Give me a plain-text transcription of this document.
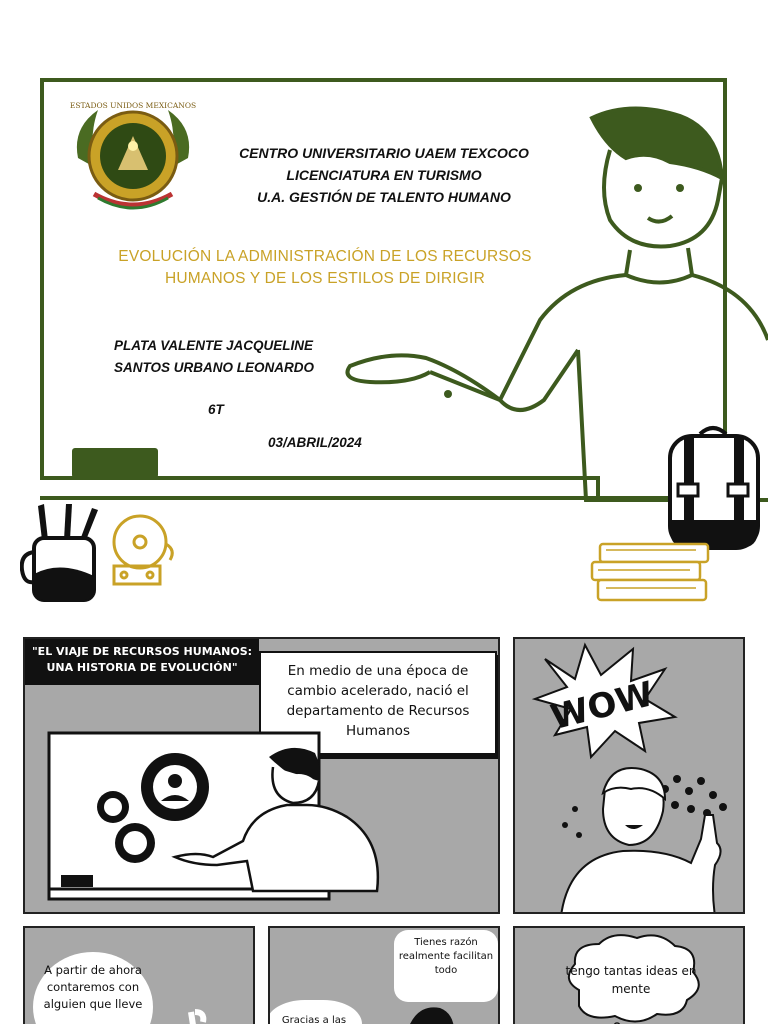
ESTADOS UNIDOS MEXICANOS
CENTRO UNIVERSITARIO UAEM TEXCOCO
LICENCIATURA EN TURISMO
U.A. GESTIÓN DE TALENTO HUMANO
EVOLUCIÓN LA ADMINISTRACIÓN DE LOS RECURSOS
HUMANOS Y DE LOS ESTILOS DE DIRIGIR
PLATA VALENTE JACQUELINE
SANTOS URBANO LEONARDO
6T
03/ABRIL/2024
"EL VIAJE DE RECURSOS HUMANOS: UNA HISTORIA DE EVOLUCIÓN"	En medio de una época de cambio acelerado, nació el departamento de Recursos Humanos	WOW
A partir de ahora contaremos con alguien que lleve
Tienes razón realmente facilitan todo
Gracias a las
tengo tantas ideas en mente
